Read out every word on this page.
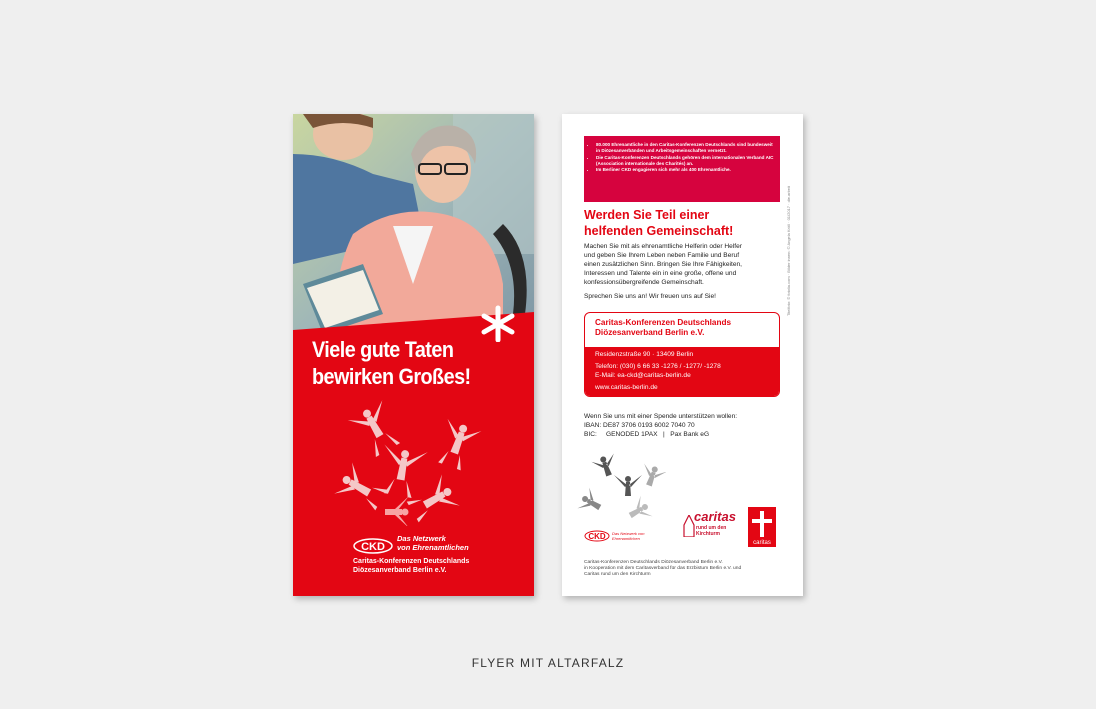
Viele gute Taten
bewirken Großes!
CKD
Das Netzwerk
von Ehrenamtlichen
Caritas-Konferenzen Deutschlands
Diözesanverband Berlin e.V.
• 80.000 Ehrenamtliche in den Caritas-Konferenzen Deutschlands sind bundesweit in Diözesanverbänden und Arbeitsgemeinschaften vernetzt.
• Die Caritas-Konferenzen Deutschlands gehören dem internationalen Verband AIC (Association internationale des Charités) an.
• Im Berliner CKD engagieren sich mehr als 400 Ehrenamtliche.
Werden Sie Teil einer
helfenden Gemeinschaft!
Machen Sie mit als ehrenamtliche Helferin oder Helfer
und geben Sie Ihrem Leben neben Familie und Beruf
einen zusätzlichen Sinn. Bringen Sie Ihre Fähigkeiten,
Interessen und Talente ein in eine große, offene und
konfessionsübergreifende Gemeinschaft.
Sprechen Sie uns an! Wir freuen uns auf Sie!
Caritas-Konferenzen Deutschlands
Diözesanverband Berlin e.V.
Residenzstraße 90 · 13409 Berlin
Telefon: (030) 6 66 33 -1276 / -1277/ -1278
E-Mail: ea-ckd@caritas-berlin.de
www.caritas-berlin.de
Wenn Sie uns mit einer Spende unterstützen wollen:
IBAN: DE87 3706 0193 6002 7040 70
BIC:     GENODED 1PAX   |   Pax Bank eG
CKD Das Netzwerk von Ehrenamtlichen
caritas
rund um den Kirchturm
caritas
Caritas-Konferenzen Deutschlands Diözesanverband Berlin e.V.
in Kooperation mit dem Caritasverband für das Erzbistum Berlin e.V. und
Caritas rund um den Kirchturm
Titelfoto: © fotolia.com · Bilder innen: © Angela Kröll · 01/2017 · die.arbeit
FLYER MIT ALTARFALZ
